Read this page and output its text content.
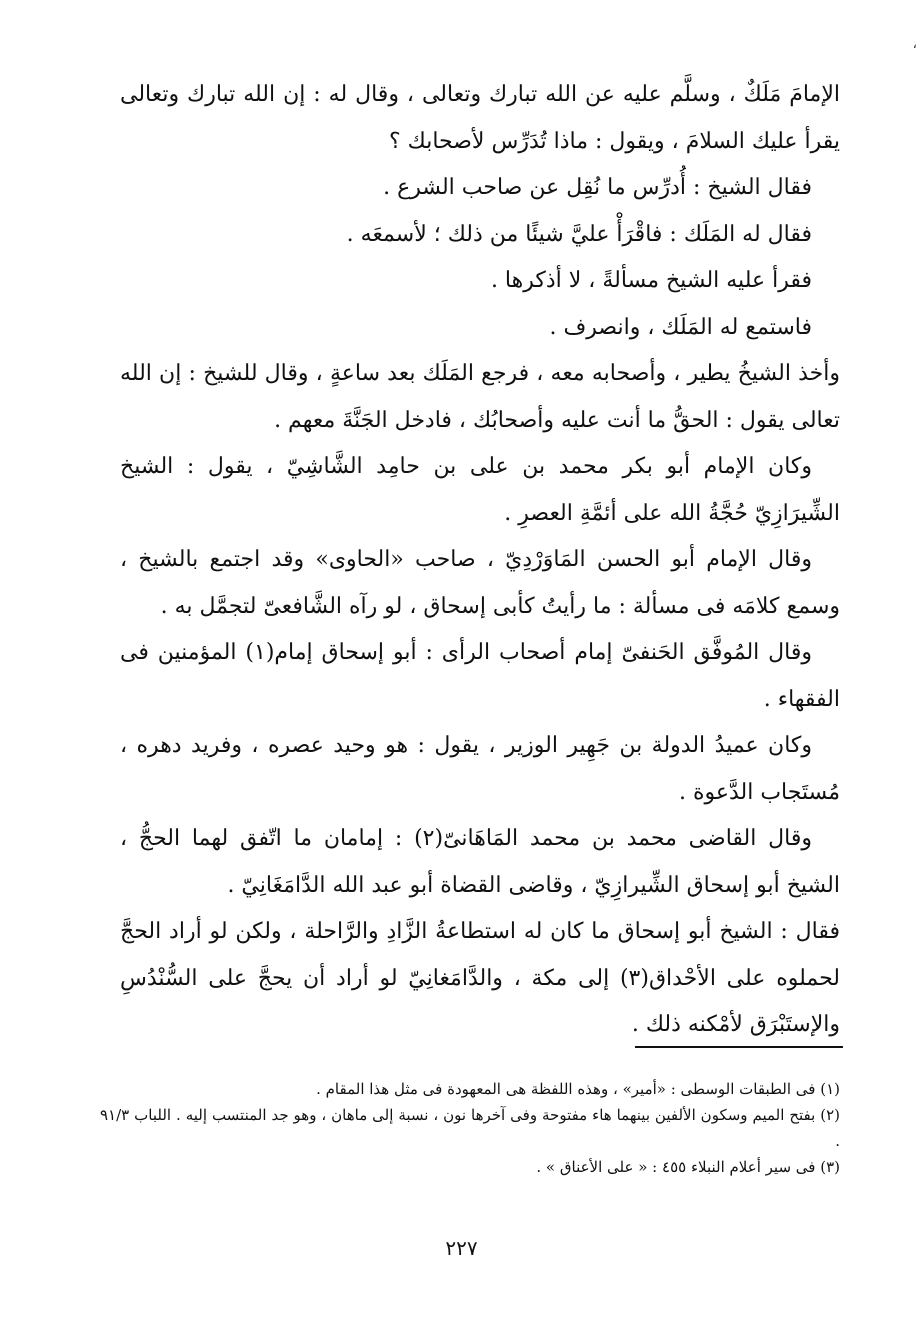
،

الإمامَ مَلَكٌ ، وسلَّم عليه عن الله تبارك وتعالى ، وقال له : إن الله تبارك وتعالى يقرأ عليك السلامَ ، ويقول : ماذا تُدَرِّس لأصحابك ؟

فقال الشيخ : أُدرِّس ما نُقِل عن صاحب الشرع .

فقال له المَلَك : فاقْرَأْ عليَّ شيئًا من ذلك ؛ لأسمعَه .

فقرأ عليه الشيخ مسألةً ، لا أذكرها .

فاستمع له المَلَك ، وانصرف .

وأخذ الشيخُ يطير ، وأصحابه معه ، فرجع المَلَك بعد ساعةٍ ، وقال للشيخ : إن الله تعالى يقول : الحقُّ ما أنت عليه وأصحابُك ، فادخل الجَنَّةَ معهم .

وكان الإمام أبو بكر محمد بن على بن حامِد الشَّاشِيّ ، يقول : الشيخ الشِّيرَازِيّ حُجَّةُ الله على أئمَّةِ العصرِ .

وقال الإمام أبو الحسن المَاوَرْدِيّ ، صاحب «الحاوى» وقد اجتمع بالشيخ ، وسمع كلامَه فى مسألة : ما رأيتُ كأبى إسحاق ، لو رآه الشَّافعىّ لتجمَّل به .

وقال المُوفَّق الحَنفىّ إمام أصحاب الرأى : أبو إسحاق إمام(١) المؤمنين فى الفقهاء .

وكان عميدُ الدولة بن جَهِير الوزير ، يقول : هو وحيد عصره ، وفريد دهره ، مُستَجاب الدَّعوة .

وقال القاضى محمد بن محمد المَاهَانىّ(٢) : إمامان ما اتّفق لهما الحجُّ ، الشيخ أبو إسحاق الشِّيرازِيّ ، وقاضى القضاة أبو عبد الله الدَّامَغَانِيّ .

فقال : الشيخ أبو إسحاق ما كان له استطاعةُ الزَّادِ والرَّاحلة ، ولكن لو أراد الحجَّ لحملوه على الأحْداق(٣) إلى مكة ، والدَّامَغانِيّ لو أراد أن يحجَّ على السُّنْدُسِ والإستَبْرَق لأمْكنه ذلك .

(١) فى الطبقات الوسطى : «أمير» ، وهذه اللفظة هى المعهودة فى مثل هذا المقام .

(٢) بفتح الميم وسكون الألفين بينهما هاء مفتوحة وفى آخرها نون ، نسبة إلى ماهان ، وهو جد المنتسب إليه . اللباب ٩١/٣ .

(٣) فى سير أعلام النبلاء ٤٥٥ : « على الأعناق » .

٢٢٧
